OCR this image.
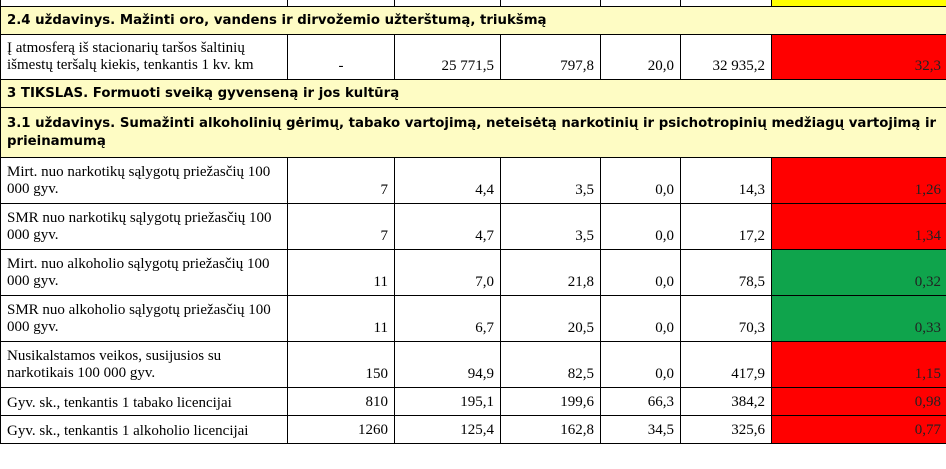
2.4 uždavinys. Mažinti oro, vandens ir dirvožemio užterštumą, triukšmą						
Į atmosferą iš stacionarių taršos šaltinių išmestų teršalų kiekis, tenkantis 1 kv. km	-	25 771,5	797,8	20,0	32 935,2	32,3
3 TIKSLAS. Formuoti sveiką gyvenseną ir jos kultūrą						
3.1 uždavinys. Sumažinti alkoholinių gėrimų, tabako vartojimą, neteisėtą narkotinių ir psichotropinių medžiagų vartojimą ir prieinamumą						
Mirt. nuo narkotikų sąlygotų priežasčių 100 000 gyv.	7	4,4	3,5	0,0	14,3	1,26
SMR nuo narkotikų sąlygotų priežasčių 100 000 gyv.	7	4,7	3,5	0,0	17,2	1,34
Mirt. nuo alkoholio sąlygotų priežasčių 100 000 gyv.	11	7,0	21,8	0,0	78,5	0,32
SMR nuo alkoholio sąlygotų priežasčių 100 000 gyv.	11	6,7	20,5	0,0	70,3	0,33
Nusikalstamos veikos, susijusios su narkotikais 100 000 gyv.	150	94,9	82,5	0,0	417,9	1,15
Gyv. sk., tenkantis 1 tabako licencijai	810	195,1	199,6	66,3	384,2	0,98
Gyv. sk., tenkantis 1 alkoholio licencijai	1260	125,4	162,8	34,5	325,6	0,77
